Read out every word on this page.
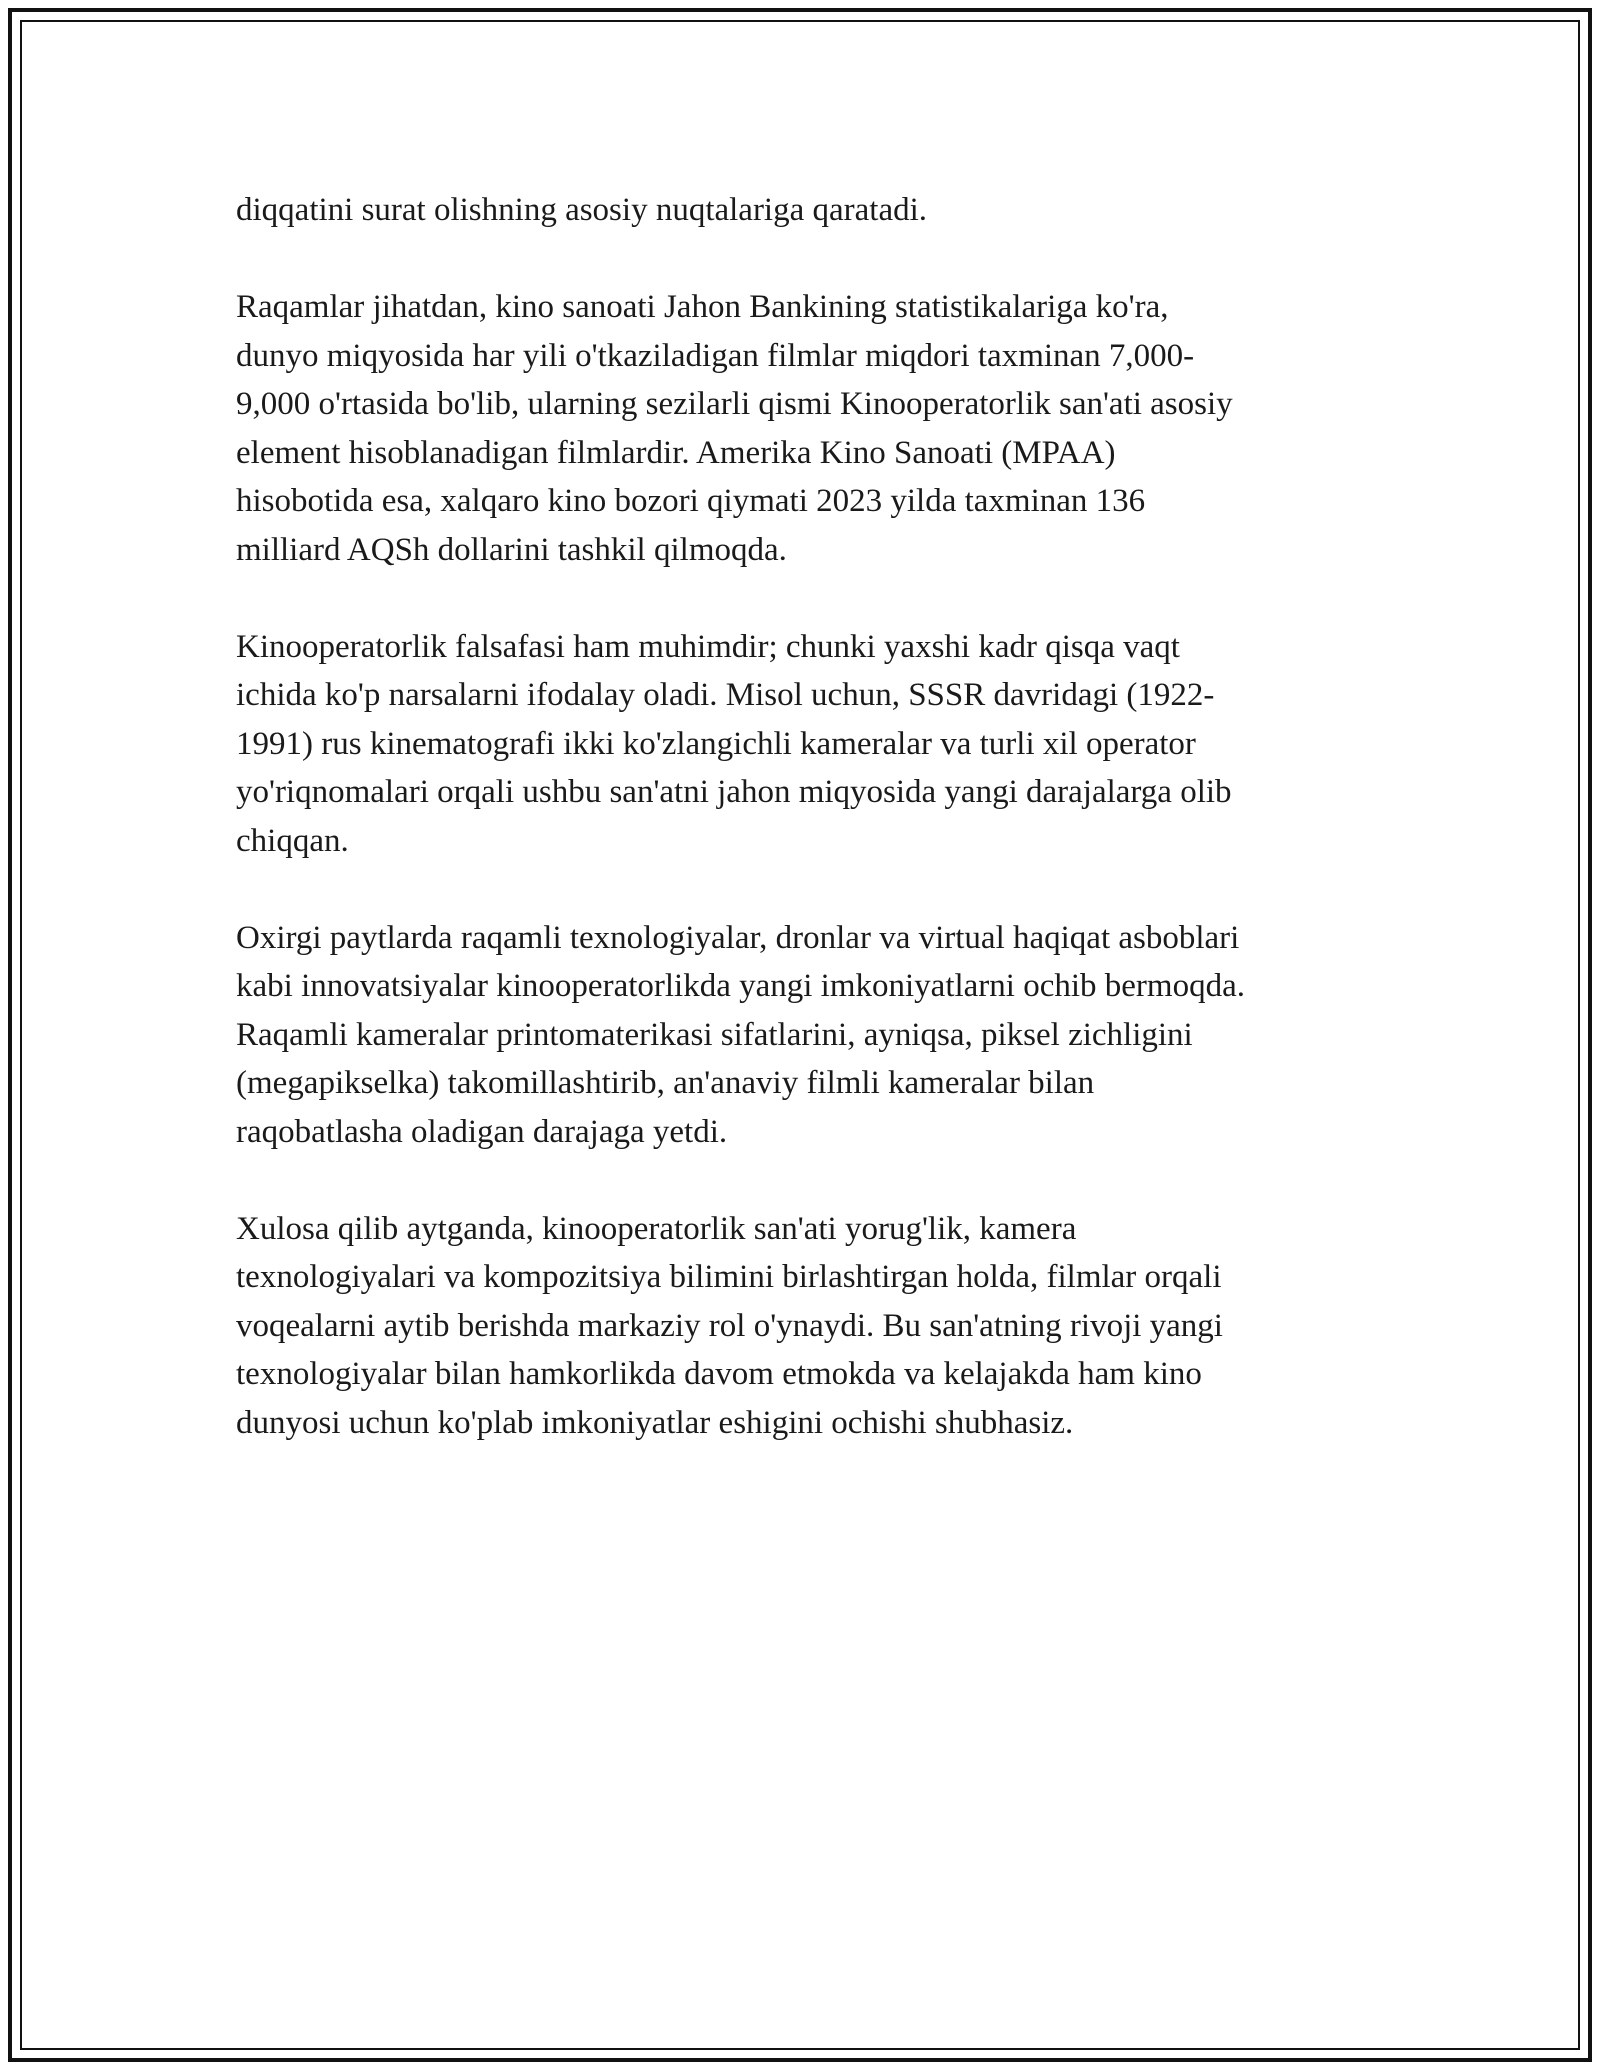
diqqatini surat olishning asosiy nuqtalariga qaratadi.

Raqamlar jihatdan, kino sanoati Jahon Bankining statistikalariga ko'ra,
dunyo miqyosida har yili o'tkaziladigan filmlar miqdori taxminan 7,000-
9,000 o'rtasida bo'lib, ularning sezilarli qismi Kinooperatorlik san'ati asosiy
element hisoblanadigan filmlardir. Amerika Kino Sanoati (MPAA)
hisobotida esa, xalqaro kino bozori qiymati 2023 yilda taxminan 136
milliard AQSh dollarini tashkil qilmoqda.

Kinooperatorlik falsafasi ham muhimdir; chunki yaxshi kadr qisqa vaqt
ichida ko'p narsalarni ifodalay oladi. Misol uchun, SSSR davridagi (1922-
1991) rus kinematografi ikki ko'zlangichli kameralar va turli xil operator
yo'riqnomalari orqali ushbu san'atni jahon miqyosida yangi darajalarga olib
chiqqan.

Oxirgi paytlarda raqamli texnologiyalar, dronlar va virtual haqiqat asboblari
kabi innovatsiyalar kinooperatorlikda yangi imkoniyatlarni ochib bermoqda.
Raqamli kameralar printomaterikasi sifatlarini, ayniqsa, piksel zichligini
(megapikselka) takomillashtirib, an'anaviy filmli kameralar bilan
raqobatlasha oladigan darajaga yetdi.

Xulosa qilib aytganda, kinooperatorlik san'ati yorug'lik, kamera
texnologiyalari va kompozitsiya bilimini birlashtirgan holda, filmlar orqali
voqealarni aytib berishda markaziy rol o'ynaydi. Bu san'atning rivoji yangi
texnologiyalar bilan hamkorlikda davom etmokda va kelajakda ham kino
dunyosi uchun ko'plab imkoniyatlar eshigini ochishi shubhasiz.
